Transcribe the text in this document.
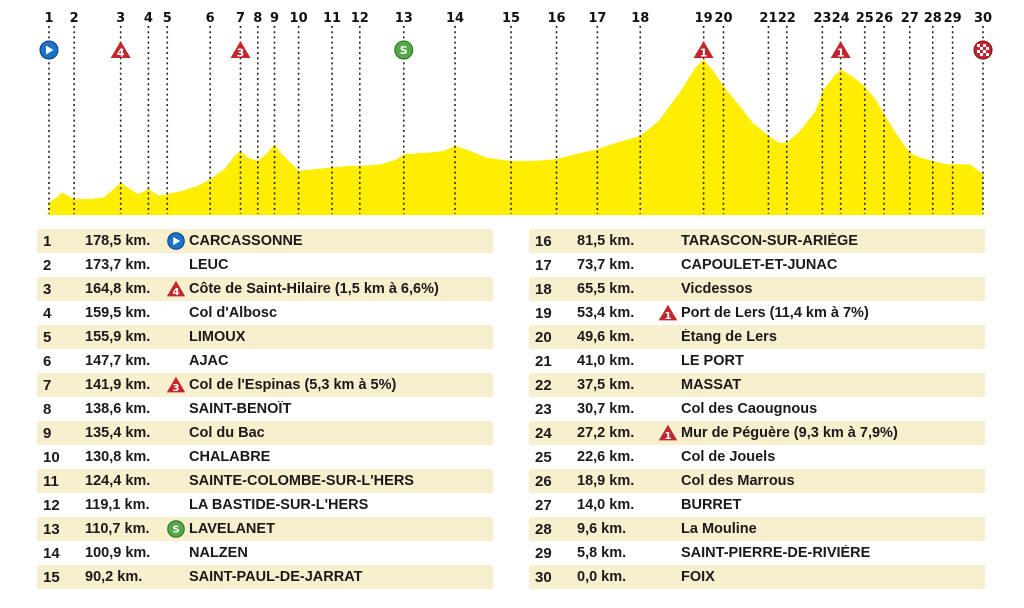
1 2	3 4 5	6 7 8 9 10 11 12 13	14	15 16 17 18	19 20 21 22 23 24 25 26 27 28 29 30
4	3	S	1	1
1	178,5 km.	CARCASSONNE
2	173,7 km.	LEUC
3	164,8 km.	4 Côte de Saint-Hilaire (1,5 km à 6,6%)
4	159,5 km.	Col d'Albosc
5	155,9 km.	LIMOUX
6	147,7 km.	AJAC
7	141,9 km.	3 Col de l'Espinas (5,3 km à 5%)
8	138,6 km.	SAINT-BENOÎT
9	135,4 km.	Col du Bac
10	130,8 km.	CHALABRE
11	124,4 km.	SAINTE-COLOMBE-SUR-L'HERS
12	119,1 km.	LA BASTIDE-SUR-L'HERS
13	110,7 km.	S LAVELANET
14	100,9 km.	NALZEN
15	90,2 km.	SAINT-PAUL-DE-JARRAT
16	81,5 km.	TARASCON-SUR-ARIÈGE
17	73,7 km.	CAPOULET-ET-JUNAC
18	65,5 km.	Vicdessos
19	53,4 km.	1 Port de Lers (11,4 km à 7%)
20	49,6 km.	Étang de Lers
21	41,0 km.	LE PORT
22	37,5 km.	MASSAT
23	30,7 km.	Col des Caougnous
24	27,2 km.	1 Mur de Péguère (9,3 km à 7,9%)
25	22,6 km.	Col de Jouels
26	18,9 km.	Col des Marrous
27	14,0 km.	BURRET
28	9,6 km.	La Mouline
29	5,8 km.	SAINT-PIERRE-DE-RIVIÈRE
30	0,0 km.	FOIX
